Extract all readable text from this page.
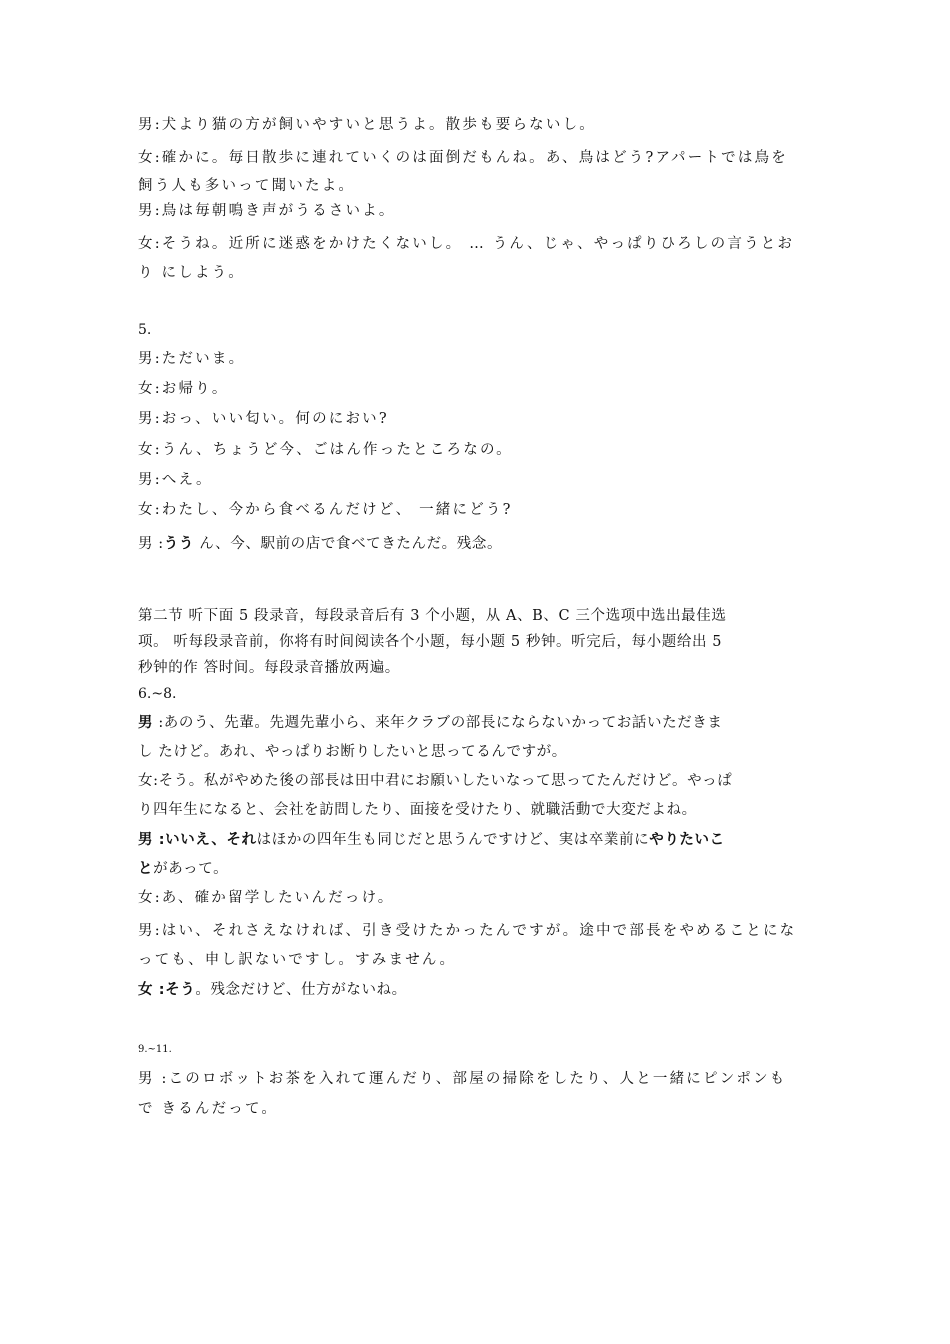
男:犬より猫の方が飼いやすいと思うよ。散歩も要らないし。
女:確かに。毎日散歩に連れていくのは面倒だもんね。あ、鳥はどう?アパートでは鳥を
飼う人も多いって聞いたよ。
男:鳥は毎朝鳴き声がうるさいよ。
女:そうね。近所に迷惑をかけたくないし。 … うん、じゃ、やっぱりひろしの言うとお
り にしよう。
5.
男:ただいま。
女:お帰り。
男:おっ、いい匂い。何のにおい?
女:うん、ちょうど今、ごはん作ったところなの。
男:へえ。
女:わたし、今から食べるんだけど、 一緒にどう?
男 :うう ん、今、駅前の店で食べてきたんだ。残念。
第二节 听下面 5 段录音，每段录音后有 3 个小题，从 A、B、C 三个选项中选出最佳选
项。 听每段录音前，你将有时间阅读各个小题，每小题 5 秒钟。听完后，每小题给出 5
秒钟的作 答时间。每段录音播放两遍。
6.~8.
男 :あのう、先輩。先週先輩小ら、来年クラブの部長にならないかってお話いただきま
し たけど。あれ、やっぱりお断りしたいと思ってるんですが。
女:そう。私がやめた後の部長は田中君にお願いしたいなって思ってたんだけど。やっぱ
り四年生になると、会社を訪問したり、面接を受けたり、就職活動で大変だよね。
男 :いいえ、それはほかの四年生も同じだと思うんですけど、実は卒業前にやりたいこ
とがあって。
女:あ、確か留学したいんだっけ。
男:はい、それさえなければ、引き受けたかったんですが。途中で部長をやめることにな
っても、申し訳ないですし。すみません。
女 :そう。残念だけど、仕方がないね。
9.~11.
男 :このロボットお茶を入れて運んだり、部屋の掃除をしたり、人と一緒にピンポンも
で きるんだって。
